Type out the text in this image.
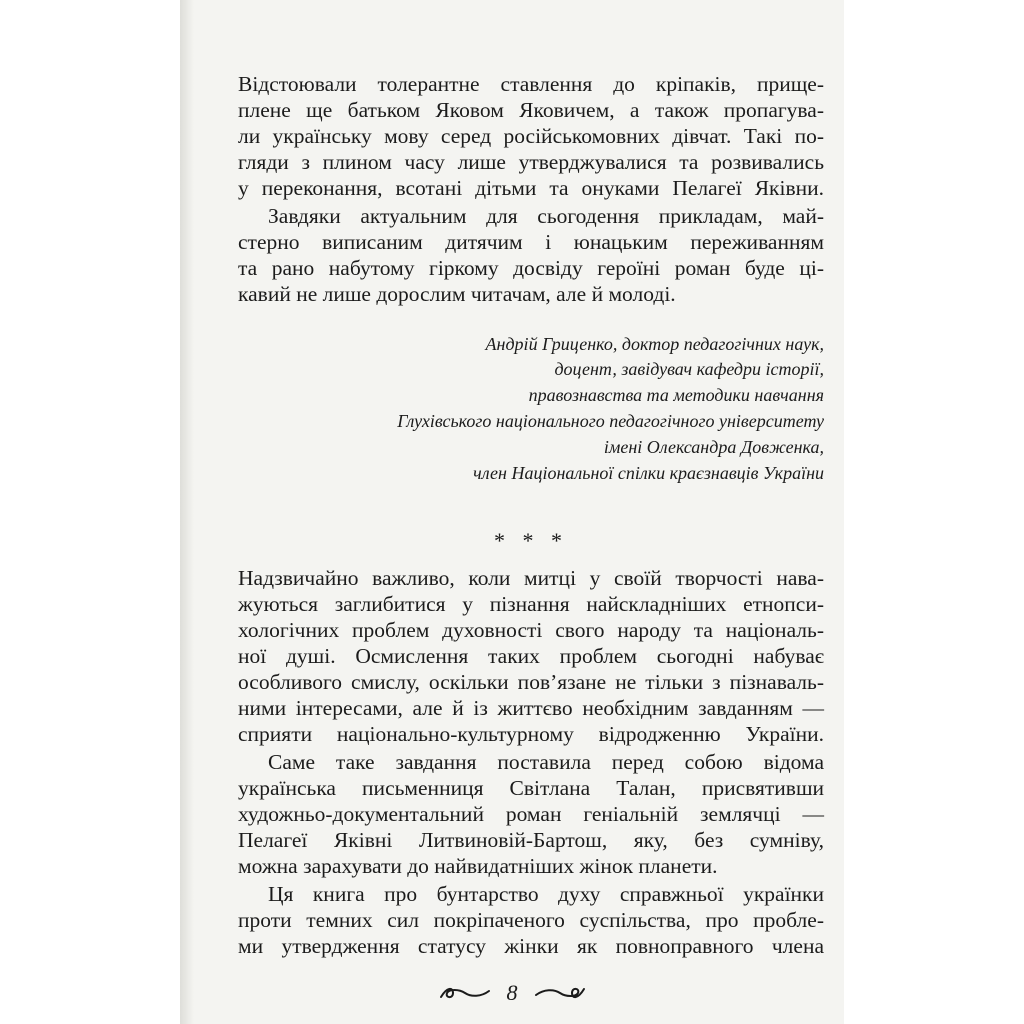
Відстоювали толерантне ставлення до кріпаків, прище-
плене ще батьком Яковом Яковичем, а також пропагува-
ли українську мову серед російськомовних дівчат. Такі по-
гляди з плином часу лише утверджувалися та розвивались
у переконання, всотані дітьми та онуками Пелагеї Яківни.
Завдяки актуальним для сьогодення прикладам, май-
стерно виписаним дитячим і юнацьким переживанням
та рано набутому гіркому досвіду героїні роман буде ці-
кавий не лише дорослим читачам, але й молоді.
Андрій Гриценко, доктор педагогічних наук,
доцент, завідувач кафедри історії,
правознавства та методики навчання
Глухівського національного педагогічного університету
імені Олександра Довженка,
член Національної спілки краєзнавців України
* * *
Надзвичайно важливо, коли митці у своїй творчості нава-
жуються заглибитися у пізнання найскладніших етнопси-
хологічних проблем духовності свого народу та національ-
ної душі. Осмислення таких проблем сьогодні набуває
особливого смислу, оскільки пов’язане не тільки з пізнаваль-
ними інтересами, але й із життєво необхідним завданням —
сприяти національно-культурному відродженню України.
Саме таке завдання поставила перед собою відома
українська письменниця Світлана Талан, присвятивши
художньо-документальний роман геніальній землячці —
Пелагеї Яківні Литвиновій-Бартош, яку, без сумніву,
можна зарахувати до найвидатніших жінок планети.
Ця книга про бунтарство духу справжньої українки
проти темних сил покріпаченого суспільства, про пробле-
ми утвердження статусу жінки як повноправного члена
8
